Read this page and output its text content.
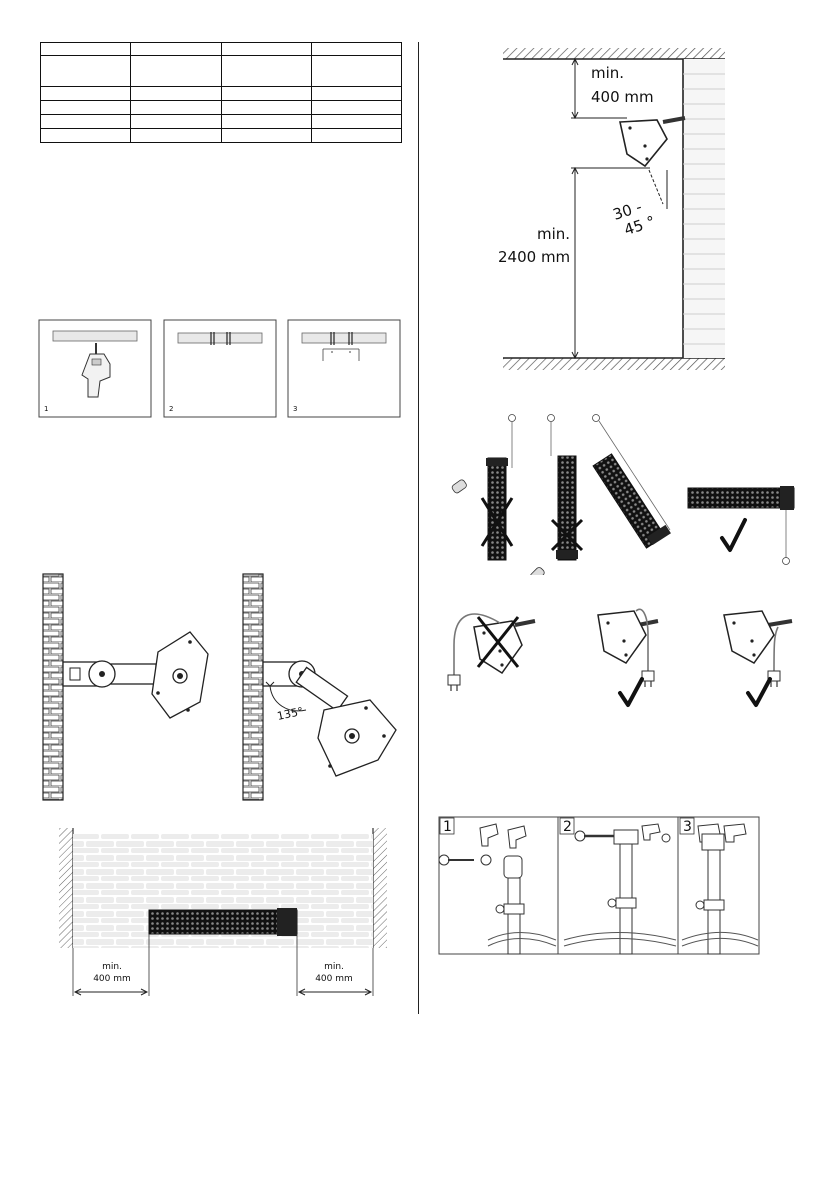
1	2	3
min.
400 mm
min.
2400 mm
30 -
45 °
135°
min.
400 mm
min.
400 mm
1	2	3
